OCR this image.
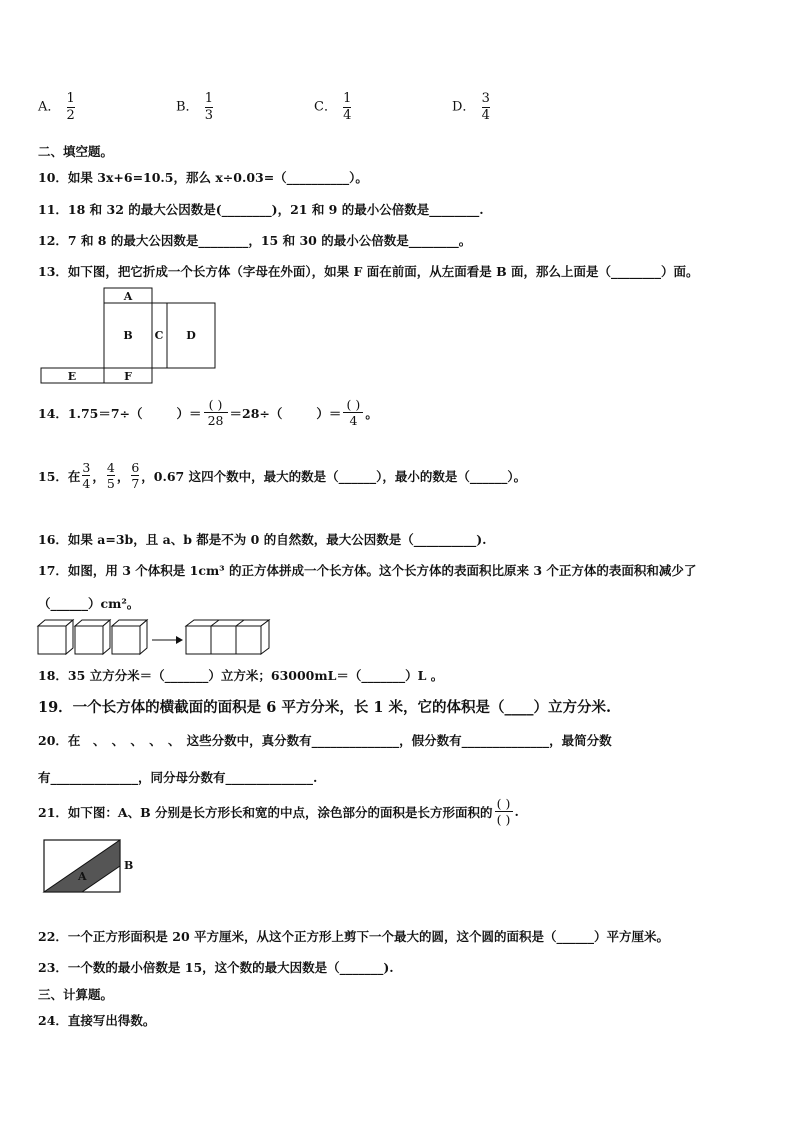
A． $\frac{1}{2}$	B． $\frac{1}{3}$	C． $\frac{1}{4}$	D． $\frac{3}{4}$
二、填空题。
10．如果 3x+6=10.5，那么 x÷0.03=（__________）。
11．18 和 32 的最大公因数是(________)，21 和 9 的最小公倍数是________.
12．7 和 8 的最大公因数是________，15 和 30 的最小公倍数是________。
13．如下图，把它折成一个长方体（字母在外面），如果 F 面在前面，从左面看是 B 面，那么上面是（________）面。
A
B C D
E	F
14．1.75＝7÷（	）＝ $\frac{( )}{28} =28\div$（	）＝ $\frac{( )}{4}$ 。
15．在 $\frac{3}{4}$ ， $\frac{4}{5}$ ， $\frac{6}{7}$ ，0.67 这四个数中，最大的数是（______），最小的数是（______）。
16．如果 a=3b，且 a、b 都是不为 0 的自然数，最大公因数是（__________).
17．如图，用 3 个体积是 1cm³ 的正方体拼成一个长方体。这个长方体的表面积比原来 3 个正方体的表面积和减少了
（______）cm²。
18．35 立方分米＝（_______）立方米；63000mL＝（_______）L 。
19．一个长方体的横截面的面积是 6 平方分米，长 1 米，它的体积是（____）立方分米.
20．在　、　、　、　、　、　这些分数中，真分数有______________，假分数有______________，最简分数
有______________，同分母分数有______________.
21．如下图：A、B 分别是长方形长和宽的中点，涂色部分的面积是长方形面积的 $\frac{( )}{( )}$ .
B
A
22．一个正方形面积是 20 平方厘米，从这个正方形上剪下一个最大的圆，这个圆的面积是（______）平方厘米。
23．一个数的最小倍数是 15，这个数的最大因数是（_______).
三、计算题。
24．直接写出得数。
